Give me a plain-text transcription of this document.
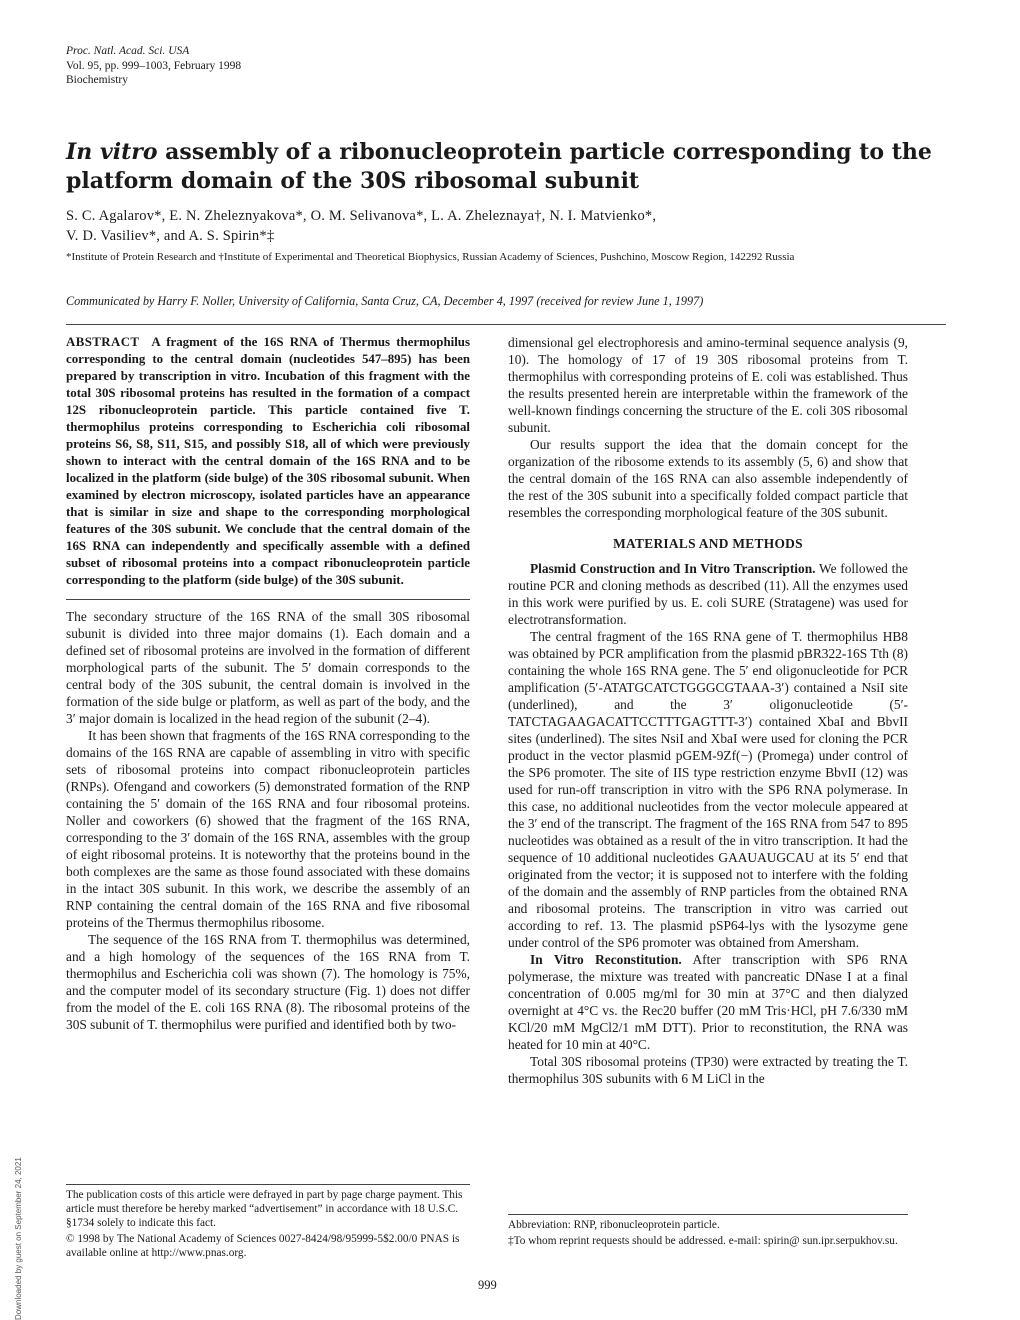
Proc. Natl. Acad. Sci. USA
Vol. 95, pp. 999–1003, February 1998
Biochemistry
In vitro assembly of a ribonucleoprotein particle corresponding to the platform domain of the 30S ribosomal subunit
S. C. Agalarov*, E. N. Zheleznyakova*, O. M. Selivanova*, L. A. Zheleznaya†, N. I. Matvienko*,
V. D. Vasiliev*, and A. S. Spirin*‡
*Institute of Protein Research and †Institute of Experimental and Theoretical Biophysics, Russian Academy of Sciences, Pushchino, Moscow Region, 142292 Russia
Communicated by Harry F. Noller, University of California, Santa Cruz, CA, December 4, 1997 (received for review June 1, 1997)

ABSTRACT A fragment of the 16S RNA of Thermus thermophilus corresponding to the central domain (nucleotides 547–895) has been prepared by transcription in vitro. Incubation of this fragment with the total 30S ribosomal proteins has resulted in the formation of a compact 12S ribonucleoprotein particle. This particle contained five T. thermophilus proteins corresponding to Escherichia coli ribosomal proteins S6, S8, S11, S15, and possibly S18, all of which were previously shown to interact with the central domain of the 16S RNA and to be localized in the platform (side bulge) of the 30S ribosomal subunit. When examined by electron microscopy, isolated particles have an appearance that is similar in size and shape to the corresponding morphological features of the 30S subunit. We conclude that the central domain of the 16S RNA can independently and specifically assemble with a defined subset of ribosomal proteins into a compact ribonucleoprotein particle corresponding to the platform (side bulge) of the 30S subunit.

The secondary structure of the 16S RNA of the small 30S ribosomal subunit is divided into three major domains (1). Each domain and a defined set of ribosomal proteins are involved in the formation of different morphological parts of the subunit. The 5′ domain corresponds to the central body of the 30S subunit, the central domain is involved in the formation of the side bulge or platform, as well as part of the body, and the 3′ major domain is localized in the head region of the subunit (2–4).

It has been shown that fragments of the 16S RNA corresponding to the domains of the 16S RNA are capable of assembling in vitro with specific sets of ribosomal proteins into compact ribonucleoprotein particles (RNPs). Ofengand and coworkers (5) demonstrated formation of the RNP containing the 5′ domain of the 16S RNA and four ribosomal proteins. Noller and coworkers (6) showed that the fragment of the 16S RNA, corresponding to the 3′ domain of the 16S RNA, assembles with the group of eight ribosomal proteins. It is noteworthy that the proteins bound in the both complexes are the same as those found associated with these domains in the intact 30S subunit. In this work, we describe the assembly of an RNP containing the central domain of the 16S RNA and five ribosomal proteins of the Thermus thermophilus ribosome.

The sequence of the 16S RNA from T. thermophilus was determined, and a high homology of the sequences of the 16S RNA from T. thermophilus and Escherichia coli was shown (7). The homology is 75%, and the computer model of its secondary structure (Fig. 1) does not differ from the model of the E. coli 16S RNA (8). The ribosomal proteins of the 30S subunit of T. thermophilus were purified and identified both by two-

The publication costs of this article were defrayed in part by page charge payment. This article must therefore be hereby marked “advertisement” in accordance with 18 U.S.C. §1734 solely to indicate this fact.

© 1998 by The National Academy of Sciences 0027-8424/98/95999-5$2.00/0 PNAS is available online at http://www.pnas.org.

dimensional gel electrophoresis and amino-terminal sequence analysis (9, 10). The homology of 17 of 19 30S ribosomal proteins from T. thermophilus with corresponding proteins of E. coli was established. Thus the results presented herein are interpretable within the framework of the well-known findings concerning the structure of the E. coli 30S ribosomal subunit.

Our results support the idea that the domain concept for the organization of the ribosome extends to its assembly (5, 6) and show that the central domain of the 16S RNA can also assemble independently of the rest of the 30S subunit into a specifically folded compact particle that resembles the corresponding morphological feature of the 30S subunit.

MATERIALS AND METHODS

Plasmid Construction and In Vitro Transcription. We followed the routine PCR and cloning methods as described (11). All the enzymes used in this work were purified by us. E. coli SURE (Stratagene) was used for electrotransformation.

The central fragment of the 16S RNA gene of T. thermophilus HB8 was obtained by PCR amplification from the plasmid pBR322-16S Tth (8) containing the whole 16S RNA gene. The 5′ end oligonucleotide for PCR amplification (5′-ATATGCATCTGGGCGTAAA-3′) contained a NsiI site (underlined), and the 3′ oligonucleotide (5′-TATCTAGAAGACATTCCTTTGAGTTT-3′) contained XbaI and BbvII sites (underlined). The sites NsiI and XbaI were used for cloning the PCR product in the vector plasmid pGEM-9Zf(−) (Promega) under control of the SP6 promoter. The site of IIS type restriction enzyme BbvII (12) was used for run-off transcription in vitro with the SP6 RNA polymerase. In this case, no additional nucleotides from the vector molecule appeared at the 3′ end of the transcript. The fragment of the 16S RNA from 547 to 895 nucleotides was obtained as a result of the in vitro transcription. It had the sequence of 10 additional nucleotides GAAUAUGCAU at its 5′ end that originated from the vector; it is supposed not to interfere with the folding of the domain and the assembly of RNP particles from the obtained RNA and ribosomal proteins. The transcription in vitro was carried out according to ref. 13. The plasmid pSP64-lys with the lysozyme gene under control of the SP6 promoter was obtained from Amersham.

In Vitro Reconstitution. After transcription with SP6 RNA polymerase, the mixture was treated with pancreatic DNase I at a final concentration of 0.005 mg/ml for 30 min at 37°C and then dialyzed overnight at 4°C vs. the Rec20 buffer (20 mM Tris·HCl, pH 7.6/330 mM KCl/20 mM MgCl2/1 mM DTT). Prior to reconstitution, the RNA was heated for 10 min at 40°C.

Total 30S ribosomal proteins (TP30) were extracted by treating the T. thermophilus 30S subunits with 6 M LiCl in the

Abbreviation: RNP, ribonucleoprotein particle.

‡To whom reprint requests should be addressed. e-mail: spirin@ sun.ipr.serpukhov.su.

999
Downloaded by guest on September 24, 2021
